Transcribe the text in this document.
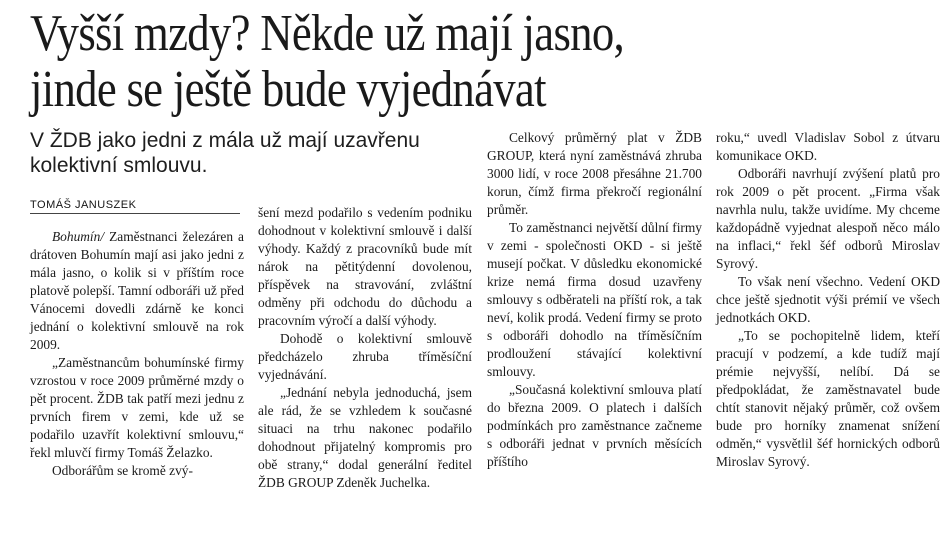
Vyšší mzdy? Někde už mají jasno,
jinde se ještě bude vyjednávat
V ŽDB jako jedni z mála už mají uzavřenu kolektivní smlouvu.
TOMÁŠ JANUSZEK

Bohumín/ Zaměstnanci železáren a drátoven Bohumín mají asi jako jedni z mála jasno, o kolik si v příštím roce platově polepší. Tamní odboráři už před Vánocemi dovedli zdárně ke konci jednání o kolektivní smlouvě na rok 2009.

„Zaměstnancům bohumínské firmy vzrostou v roce 2009 průměrné mzdy o pět procent. ŽDB tak patří mezi jednu z prvních firem v zemi, kde už se podařilo uzavřít kolektivní smlouvu,“ řekl mluvčí firmy Tomáš Želazko.

Odborářům se kromě zvý-

šení mezd podařilo s vedením podniku dohodnout v kolektivní smlouvě i další výhody. Každý z pracovníků bude mít nárok na pětitýdenní dovolenou, příspěvek na stravování, zvláštní odměny při odchodu do důchodu a pracovním výročí a další výhody.

Dohodě o kolektivní smlouvě předcházelo zhruba tříměsíční vyjednávání.

„Jednání nebyla jednoduchá, jsem ale rád, že se vzhledem k současné situaci na trhu nakonec podařilo dohodnout přijatelný kompromis pro obě strany,“ dodal generální ředitel ŽDB GROUP Zdeněk Juchelka.

Celkový průměrný plat v ŽDB GROUP, která nyní zaměstnává zhruba 3000 lidí, v roce 2008 přesáhne 21.700 korun, čímž firma překročí regionální průměr.

To zaměstnanci největší důlní firmy v zemi - společnosti OKD - si ještě musejí počkat. V důsledku ekonomické krize nemá firma dosud uzavřeny smlouvy s odběrateli na příští rok, a tak neví, kolik prodá. Vedení firmy se proto s odboráři dohodlo na tříměsíčním prodloužení stávající kolektivní smlouvy.

„Současná kolektivní smlouva platí do března 2009. O platech i dalších podmínkách pro zaměstnance začneme s odboráři jednat v prvních měsících příštího

roku,“ uvedl Vladislav Sobol z útvaru komunikace OKD.

Odboráři navrhují zvýšení platů pro rok 2009 o pět procent. „Firma však navrhla nulu, takže uvidíme. My chceme každopádně vyjednat alespoň něco málo na inflaci,“ řekl šéf odborů Miroslav Syrový.

To však není všechno. Vedení OKD chce ještě sjednotit výši prémií ve všech jednotkách OKD.

„To se pochopitelně lidem, kteří pracují v podzemí, a kde tudíž mají prémie nejvyšší, nelíbí. Dá se předpokládat, že zaměstnavatel bude chtít stanovit nějaký průměr, což ovšem bude pro horníky znamenat snížení odměn,“ vysvětlil šéf hornických odborů Miroslav Syrový.
